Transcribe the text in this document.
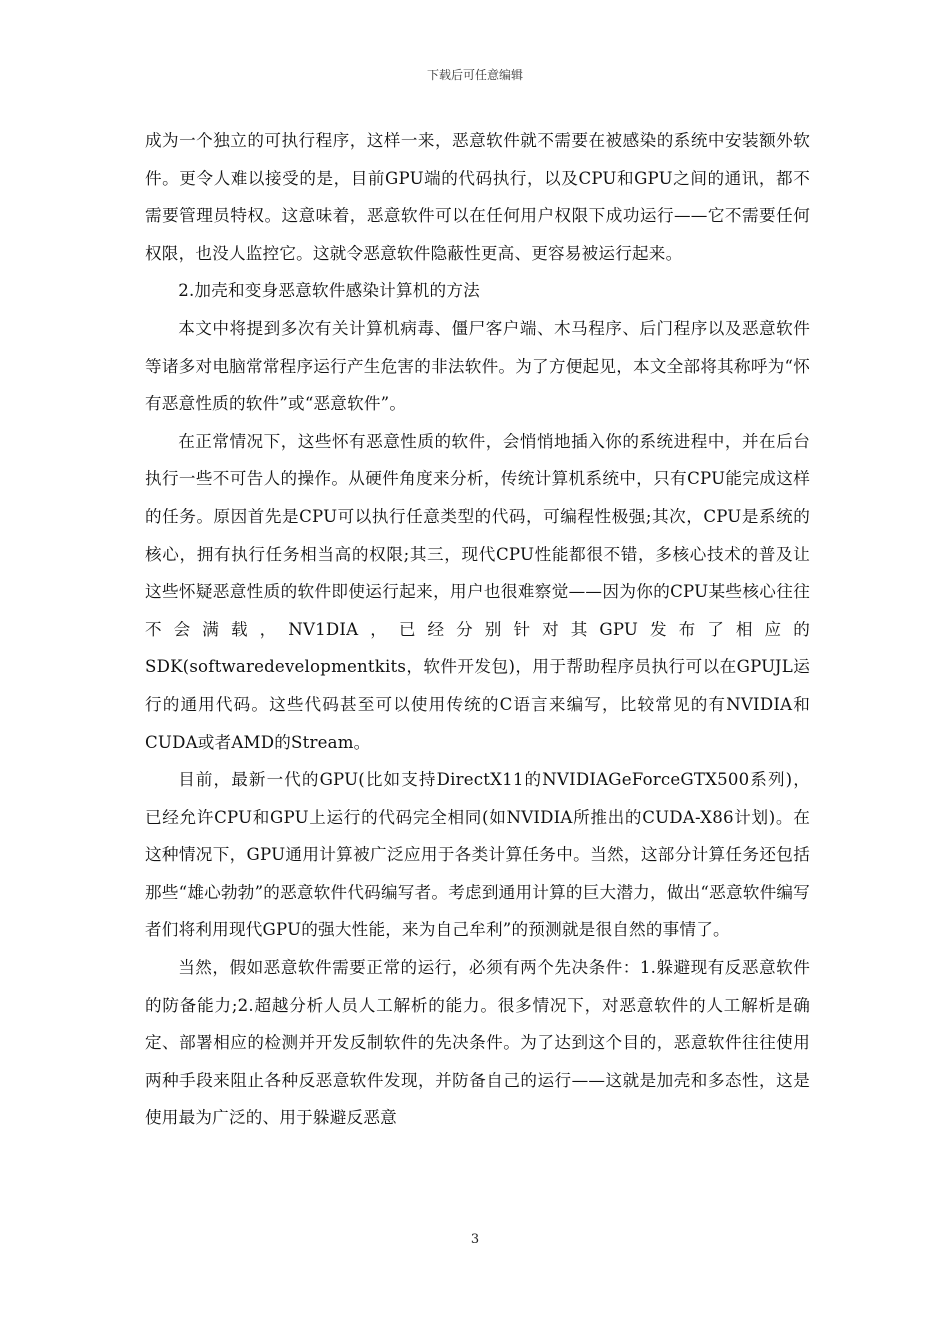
下载后可任意编辑

成为一个独立的可执行程序，这样一来，恶意软件就不需要在被感染的系统中安装额外软件。更令人难以接受的是，目前GPU端的代码执行，以及CPU和GPU之间的通讯，都不需要管理员特权。这意味着，恶意软件可以在任何用户权限下成功运行——它不需要任何权限，也没人监控它。这就令恶意软件隐蔽性更高、更容易被运行起来。

2.加壳和变身恶意软件感染计算机的方法

本文中将提到多次有关计算机病毒、僵尸客户端、木马程序、后门程序以及恶意软件等诸多对电脑常常程序运行产生危害的非法软件。为了方便起见，本文全部将其称呼为“怀有恶意性质的软件”或“恶意软件”。

在正常情况下，这些怀有恶意性质的软件，会悄悄地插入你的系统进程中，并在后台执行一些不可告人的操作。从硬件角度来分析，传统计算机系统中，只有CPU能完成这样的任务。原因首先是CPU可以执行任意类型的代码，可编程性极强;其次，CPU是系统的核心，拥有执行任务相当高的权限;其三，现代CPU性能都很不错，多核心技术的普及让这些怀疑恶意性质的软件即使运行起来，用户也很难察觉——因为你的CPU某些核心往往不会满载，NV1DIA，已经分别针对其GPU发布了相应的SDK(softwaredevelopmentkits，软件开发包)，用于帮助程序员执行可以在GPUJL运行的通用代码。这些代码甚至可以使用传统的C语言来编写，比较常见的有NVIDIA和CUDA或者AMD的Stream。

目前，最新一代的GPU(比如支持DirectX11的NVIDIAGeForceGTX500系列)，已经允许CPU和GPU上运行的代码完全相同(如NVIDIA所推出的CUDA-X86计划)。在这种情况下，GPU通用计算被广泛应用于各类计算任务中。当然，这部分计算任务还包括那些“雄心勃勃”的恶意软件代码编写者。考虑到通用计算的巨大潜力，做出“恶意软件编写者们将利用现代GPU的强大性能，来为自己牟利”的预测就是很自然的事情了。

当然，假如恶意软件需要正常的运行，必须有两个先决条件：1.躲避现有反恶意软件的防备能力;2.超越分析人员人工解析的能力。很多情况下，对恶意软件的人工解析是确定、部署相应的检测并开发反制软件的先决条件。为了达到这个目的，恶意软件往往使用两种手段来阻止各种反恶意软件发现，并防备自己的运行——这就是加壳和多态性，这是使用最为广泛的、用于躲避反恶意

3
